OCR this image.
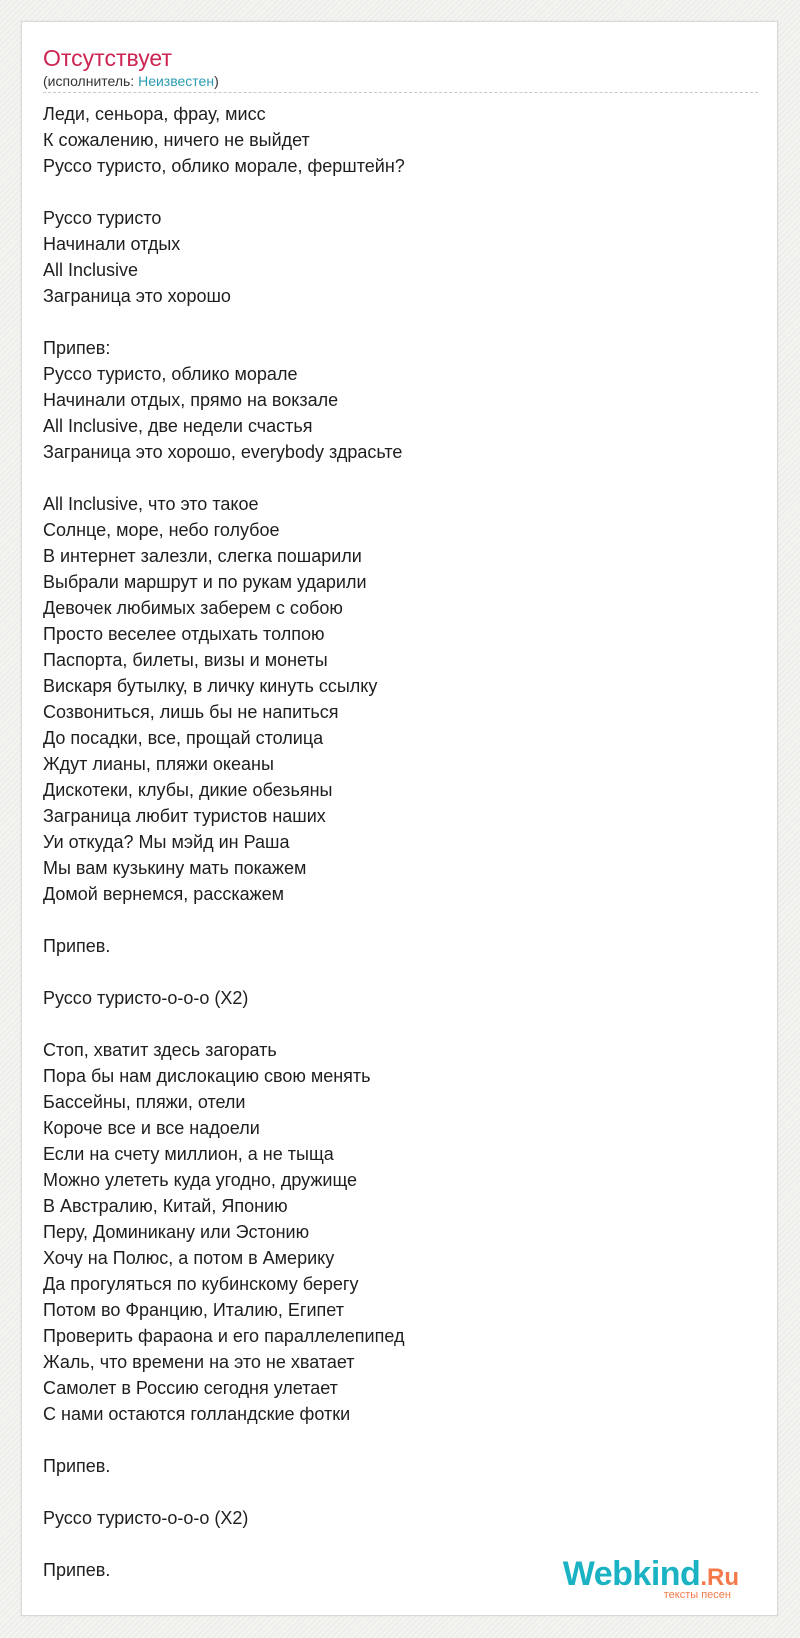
Отсутствует
(исполнитель: Неизвестен)
Леди, сеньора, фрау, мисс
К сожалению, ничего не выйдет
Руссо туристо, облико морале, ферштейн?
Руссо туристо
Начинали отдых
All Inclusive
Заграница это хорошо
Припев:
Руссо туристо, облико морале
Начинали отдых, прямо на вокзале
All Inclusive, две недели счастья
Заграница это хорошо, everybody здрасьте
All Inclusive, что это такое
Солнце, море, небо голубое
В интернет залезли, слегка пошарили
Выбрали маршрут и по рукам ударили
Девочек любимых заберем с собою
Просто веселее отдыхать толпою
Паспорта, билеты, визы и монеты
Вискаря бутылку, в личку кинуть ссылку
Созвониться, лишь бы не напиться
До посадки, все, прощай столица
Ждут лианы, пляжи океаны
Дискотеки, клубы, дикие обезьяны
Заграница любит туристов наших
Уи откуда? Мы мэйд ин Раша
Мы вам кузькину мать покажем
Домой вернемся, расскажем
Припев.
Руссо туристо-о-о-о (Х2)
Стоп, хватит здесь загорать
Пора бы нам дислокацию свою менять
Бассейны, пляжи, отели
Короче все и все надоели
Если на счету миллион, а не тыща
Можно улететь куда угодно, дружище
В Австралию, Китай, Японию
Перу, Доминикану или Эстонию
Хочу на Полюс, а потом в Америку
Да прогуляться по кубинскому берегу
Потом во Францию, Италию, Египет
Проверить фараона и его параллелепипед
Жаль, что времени на это не хватает
Самолет в Россию сегодня улетает
С нами остаются голландские фотки
Припев.
Руссо туристо-о-о-о (Х2)
Припев.	Webkind.Ru
тексты песен
